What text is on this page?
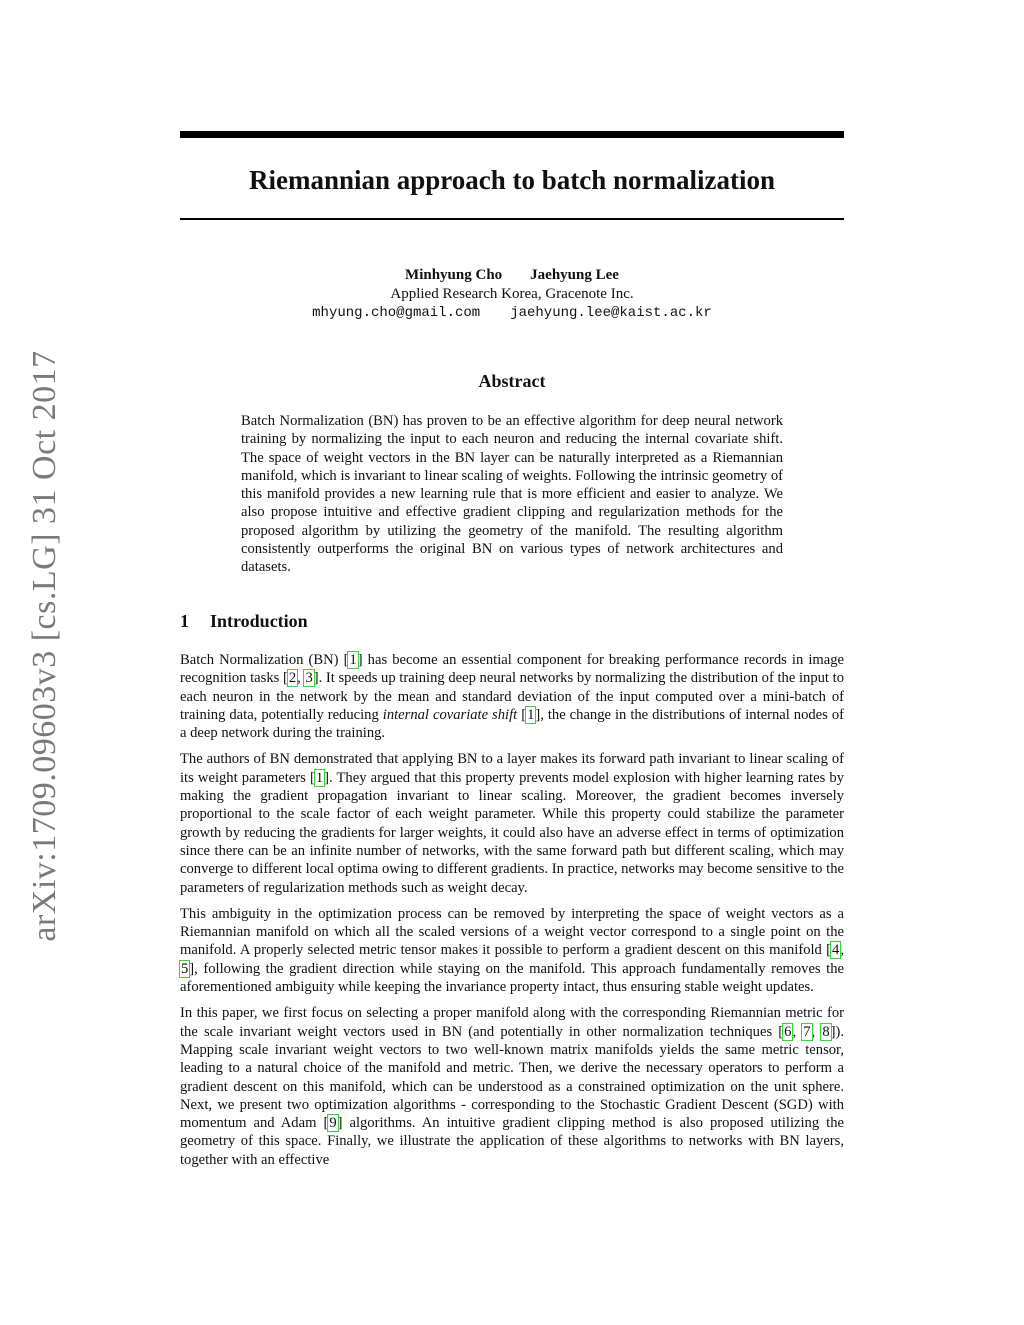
arXiv:1709.09603v3 [cs.LG] 31 Oct 2017
Riemannian approach to batch normalization
Minhyung Cho Jaehyung Lee
Applied Research Korea, Gracenote Inc.
mhyung.cho@gmail.com jaehyung.lee@kaist.ac.kr
Abstract
Batch Normalization (BN) has proven to be an effective algorithm for deep neural network training by normalizing the input to each neuron and reducing the internal covariate shift. The space of weight vectors in the BN layer can be naturally interpreted as a Riemannian manifold, which is invariant to linear scaling of weights. Following the intrinsic geometry of this manifold provides a new learning rule that is more efficient and easier to analyze. We also propose intuitive and effective gradient clipping and regularization methods for the proposed algorithm by utilizing the geometry of the manifold. The resulting algorithm consistently outperforms the original BN on various types of network architectures and datasets.
1 Introduction

Batch Normalization (BN) [1] has become an essential component for breaking performance records in image recognition tasks [2, 3]. It speeds up training deep neural networks by normalizing the distribution of the input to each neuron in the network by the mean and standard deviation of the input computed over a mini-batch of training data, potentially reducing internal covariate shift [1], the change in the distributions of internal nodes of a deep network during the training.

The authors of BN demonstrated that applying BN to a layer makes its forward path invariant to linear scaling of its weight parameters [1]. They argued that this property prevents model explosion with higher learning rates by making the gradient propagation invariant to linear scaling. Moreover, the gradient becomes inversely proportional to the scale factor of each weight parameter. While this property could stabilize the parameter growth by reducing the gradients for larger weights, it could also have an adverse effect in terms of optimization since there can be an infinite number of networks, with the same forward path but different scaling, which may converge to different local optima owing to different gradients. In practice, networks may become sensitive to the parameters of regularization methods such as weight decay.

This ambiguity in the optimization process can be removed by interpreting the space of weight vectors as a Riemannian manifold on which all the scaled versions of a weight vector correspond to a single point on the manifold. A properly selected metric tensor makes it possible to perform a gradient descent on this manifold [4, 5], following the gradient direction while staying on the manifold. This approach fundamentally removes the aforementioned ambiguity while keeping the invariance property intact, thus ensuring stable weight updates.

In this paper, we first focus on selecting a proper manifold along with the corresponding Riemannian metric for the scale invariant weight vectors used in BN (and potentially in other normalization techniques [6, 7, 8]). Mapping scale invariant weight vectors to two well-known matrix manifolds yields the same metric tensor, leading to a natural choice of the manifold and metric. Then, we derive the necessary operators to perform a gradient descent on this manifold, which can be understood as a constrained optimization on the unit sphere. Next, we present two optimization algorithms - corresponding to the Stochastic Gradient Descent (SGD) with momentum and Adam [9] algorithms. An intuitive gradient clipping method is also proposed utilizing the geometry of this space. Finally, we illustrate the application of these algorithms to networks with BN layers, together with an effective
